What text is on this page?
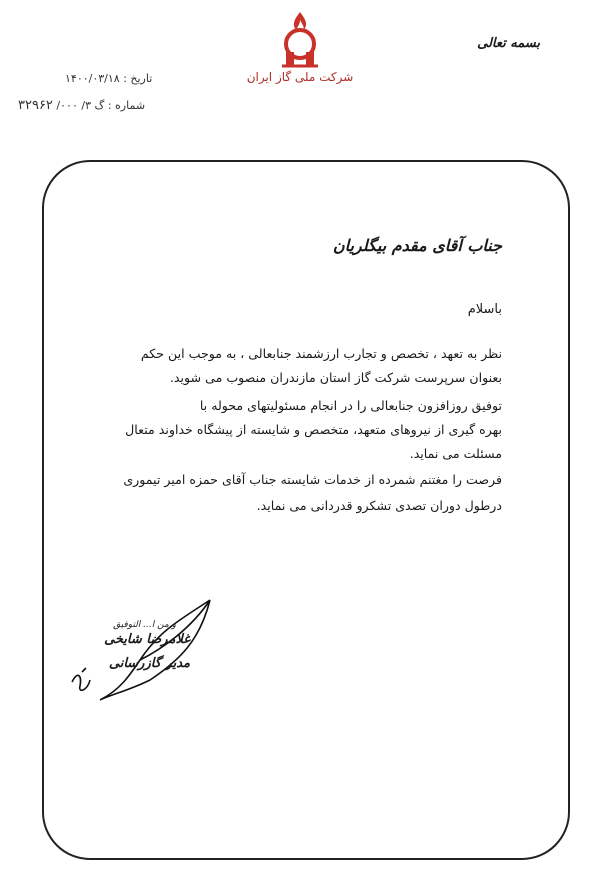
بسمه تعالی
شرکت ملی گاز ایران
تاریخ : ۱۴۰۰/۰۳/۱۸
شماره : گ ۳/ ۰۰۰/ ۳۲۹۶۲
جناب آقای مقدم بیگلریان
باسلام
نظر به تعهد ، تخصص و تجارب ارزشمند جنابعالی ، به موجب این حکم
بعنوان سرپرست شرکت گاز استان مازندران منصوب می شوید.
توفیق روزافزون جنابعالی را در انجام مسئولیتهای محوله با
بهره گیری از نیروهای متعهد، متخصص و شایسته از پیشگاه خداوند متعال
مسئلت می نماید.
فرصت را مغتنم شمرده از خدمات شایسته جناب آقای حمزه امیر تیموری
درطول دوران تصدی تشکرو قدردانی می نماید.
و من ا... التوفیق
غلامرضا شایخی
مدیر گازرسانی
